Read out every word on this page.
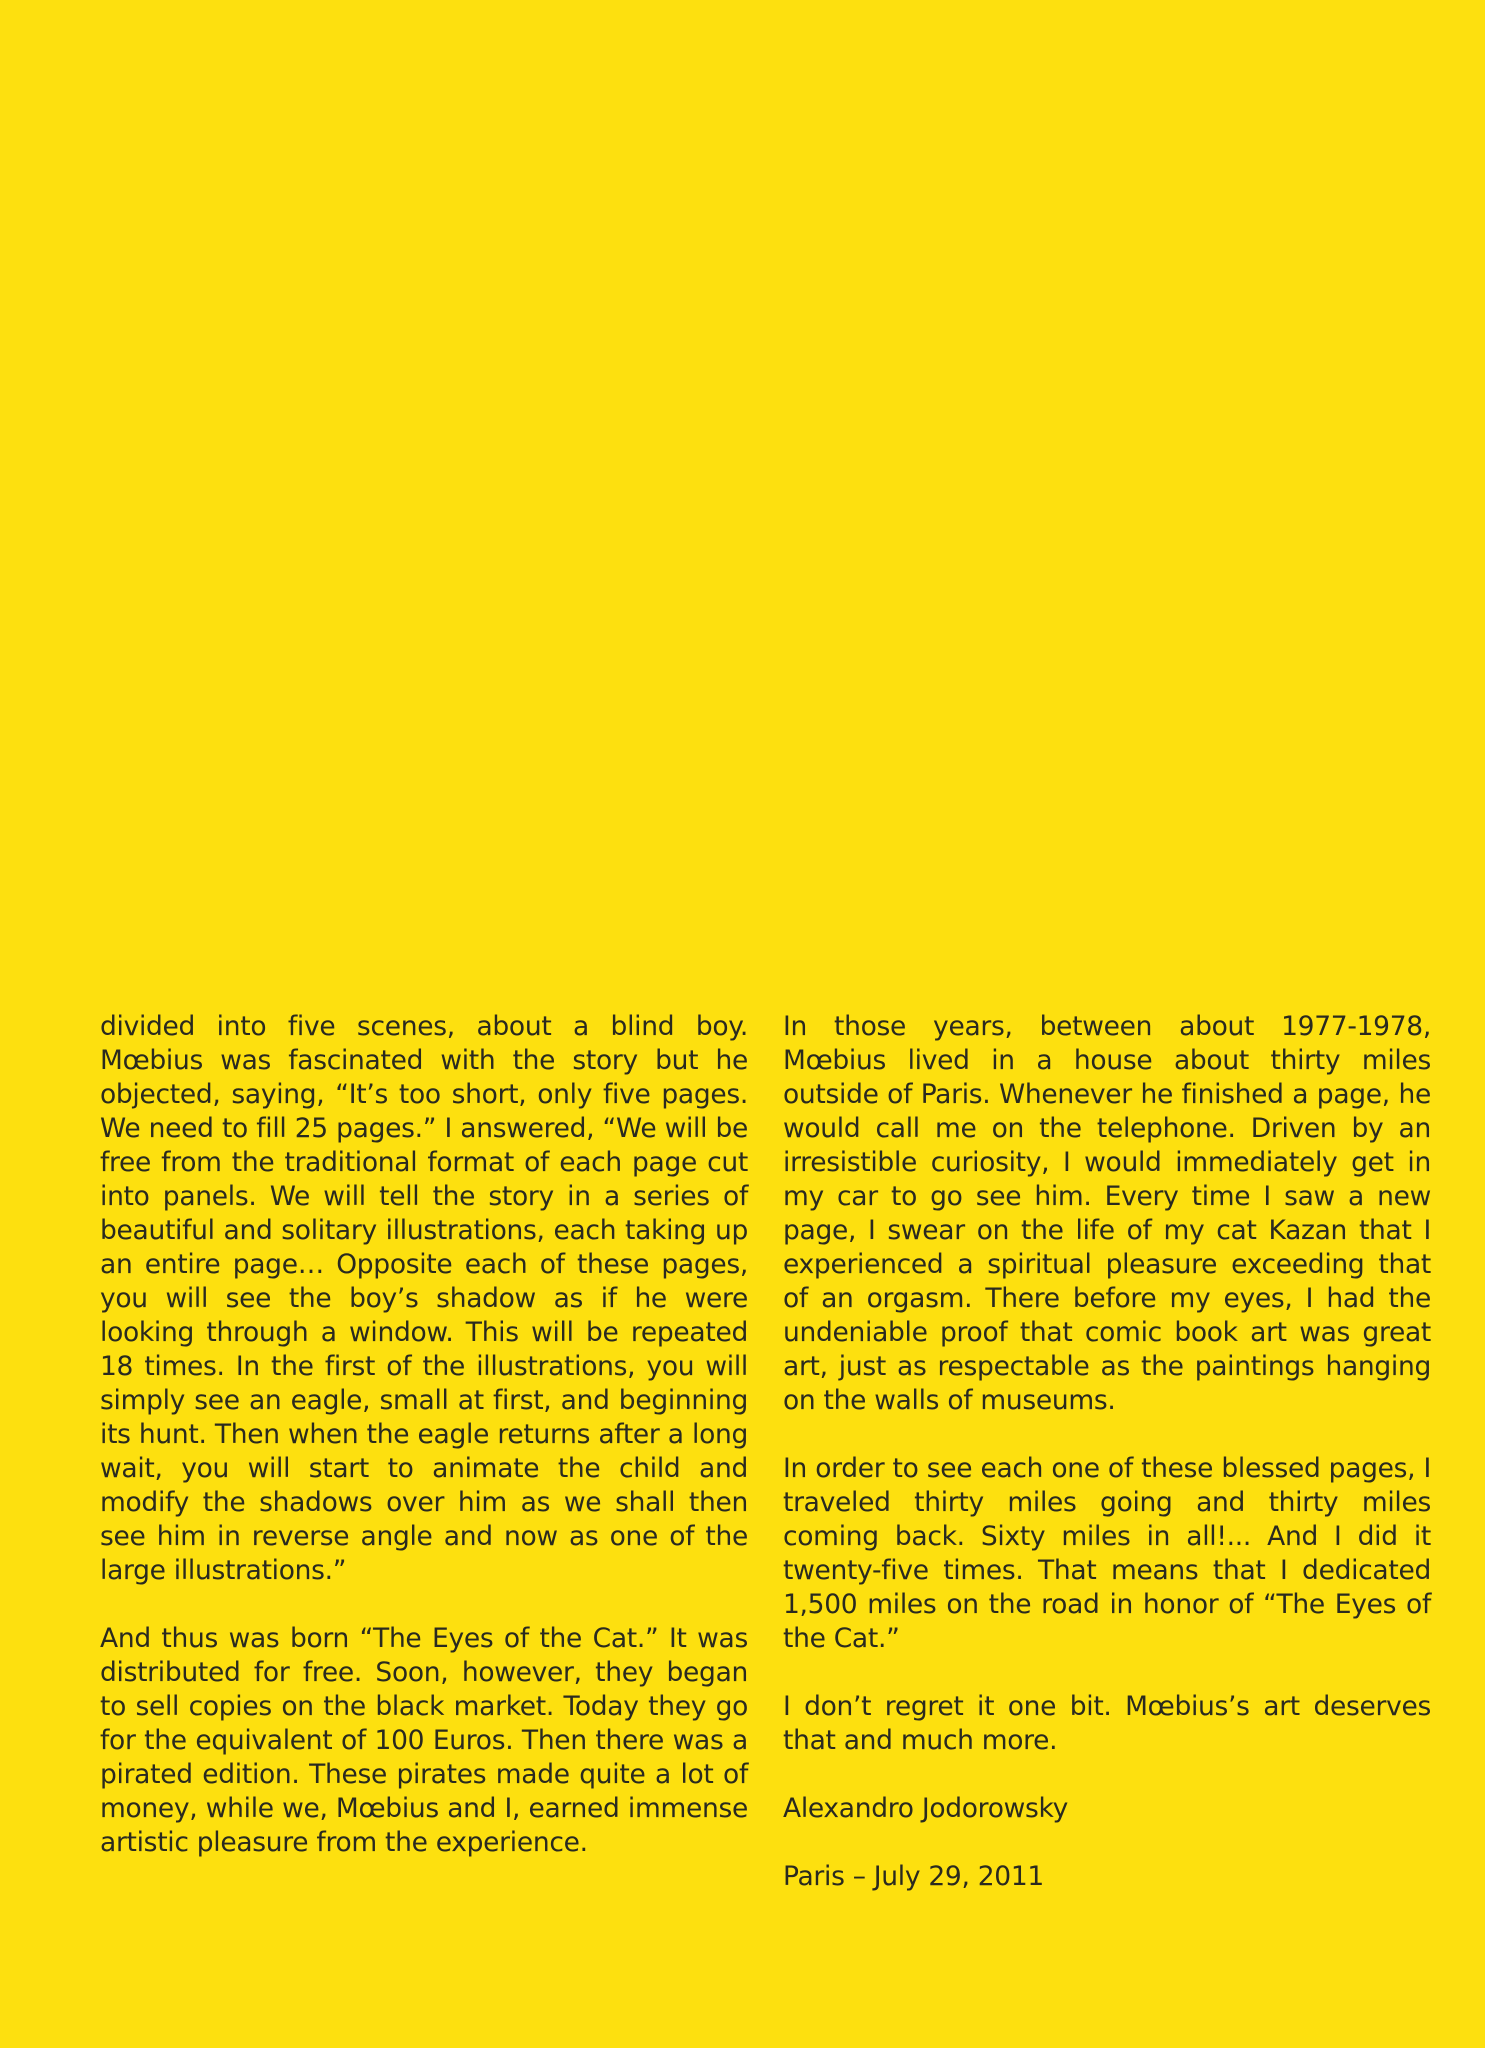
divided into five scenes, about a blind boy. Mœbius was fascinated with the story but he objected, saying, “It’s too short, only five pages. We need to fill 25 pages.” I answered, “We will be free from the traditional format of each page cut into panels. We will tell the story in a series of beautiful and solitary illustrations, each taking up an entire page… Opposite each of these pages, you will see the boy’s shadow as if he were looking through a window. This will be repeated 18 times. In the first of the illustrations, you will simply see an eagle, small at first, and beginning its hunt. Then when the eagle returns after a long wait, you will start to animate the child and modify the shadows over him as we shall then see him in reverse angle and now as one of the large illustrations.”

And thus was born “The Eyes of the Cat.” It was distributed for free. Soon, however, they began to sell copies on the black market. Today they go for the equivalent of 100 Euros. Then there was a pirated edition. These pirates made quite a lot of money, while we, Mœbius and I, earned immense artistic pleasure from the experience.

In those years, between about 1977-1978, Mœbius lived in a house about thirty miles outside of Paris. Whenever he finished a page, he would call me on the telephone. Driven by an irresistible curiosity, I would immediately get in my car to go see him. Every time I saw a new page, I swear on the life of my cat Kazan that I experienced a spiritual pleasure exceeding that of an orgasm. There before my eyes, I had the undeniable proof that comic book art was great art, just as respectable as the paintings hanging on the walls of museums.

In order to see each one of these blessed pages, I traveled thirty miles going and thirty miles coming back. Sixty miles in all!... And I did it twenty-five times. That means that I dedicated 1,500 miles on the road in honor of “The Eyes of the Cat.”

I don’t regret it one bit. Mœbius’s art deserves that and much more.

Alexandro Jodorowsky

Paris – July 29, 2011
